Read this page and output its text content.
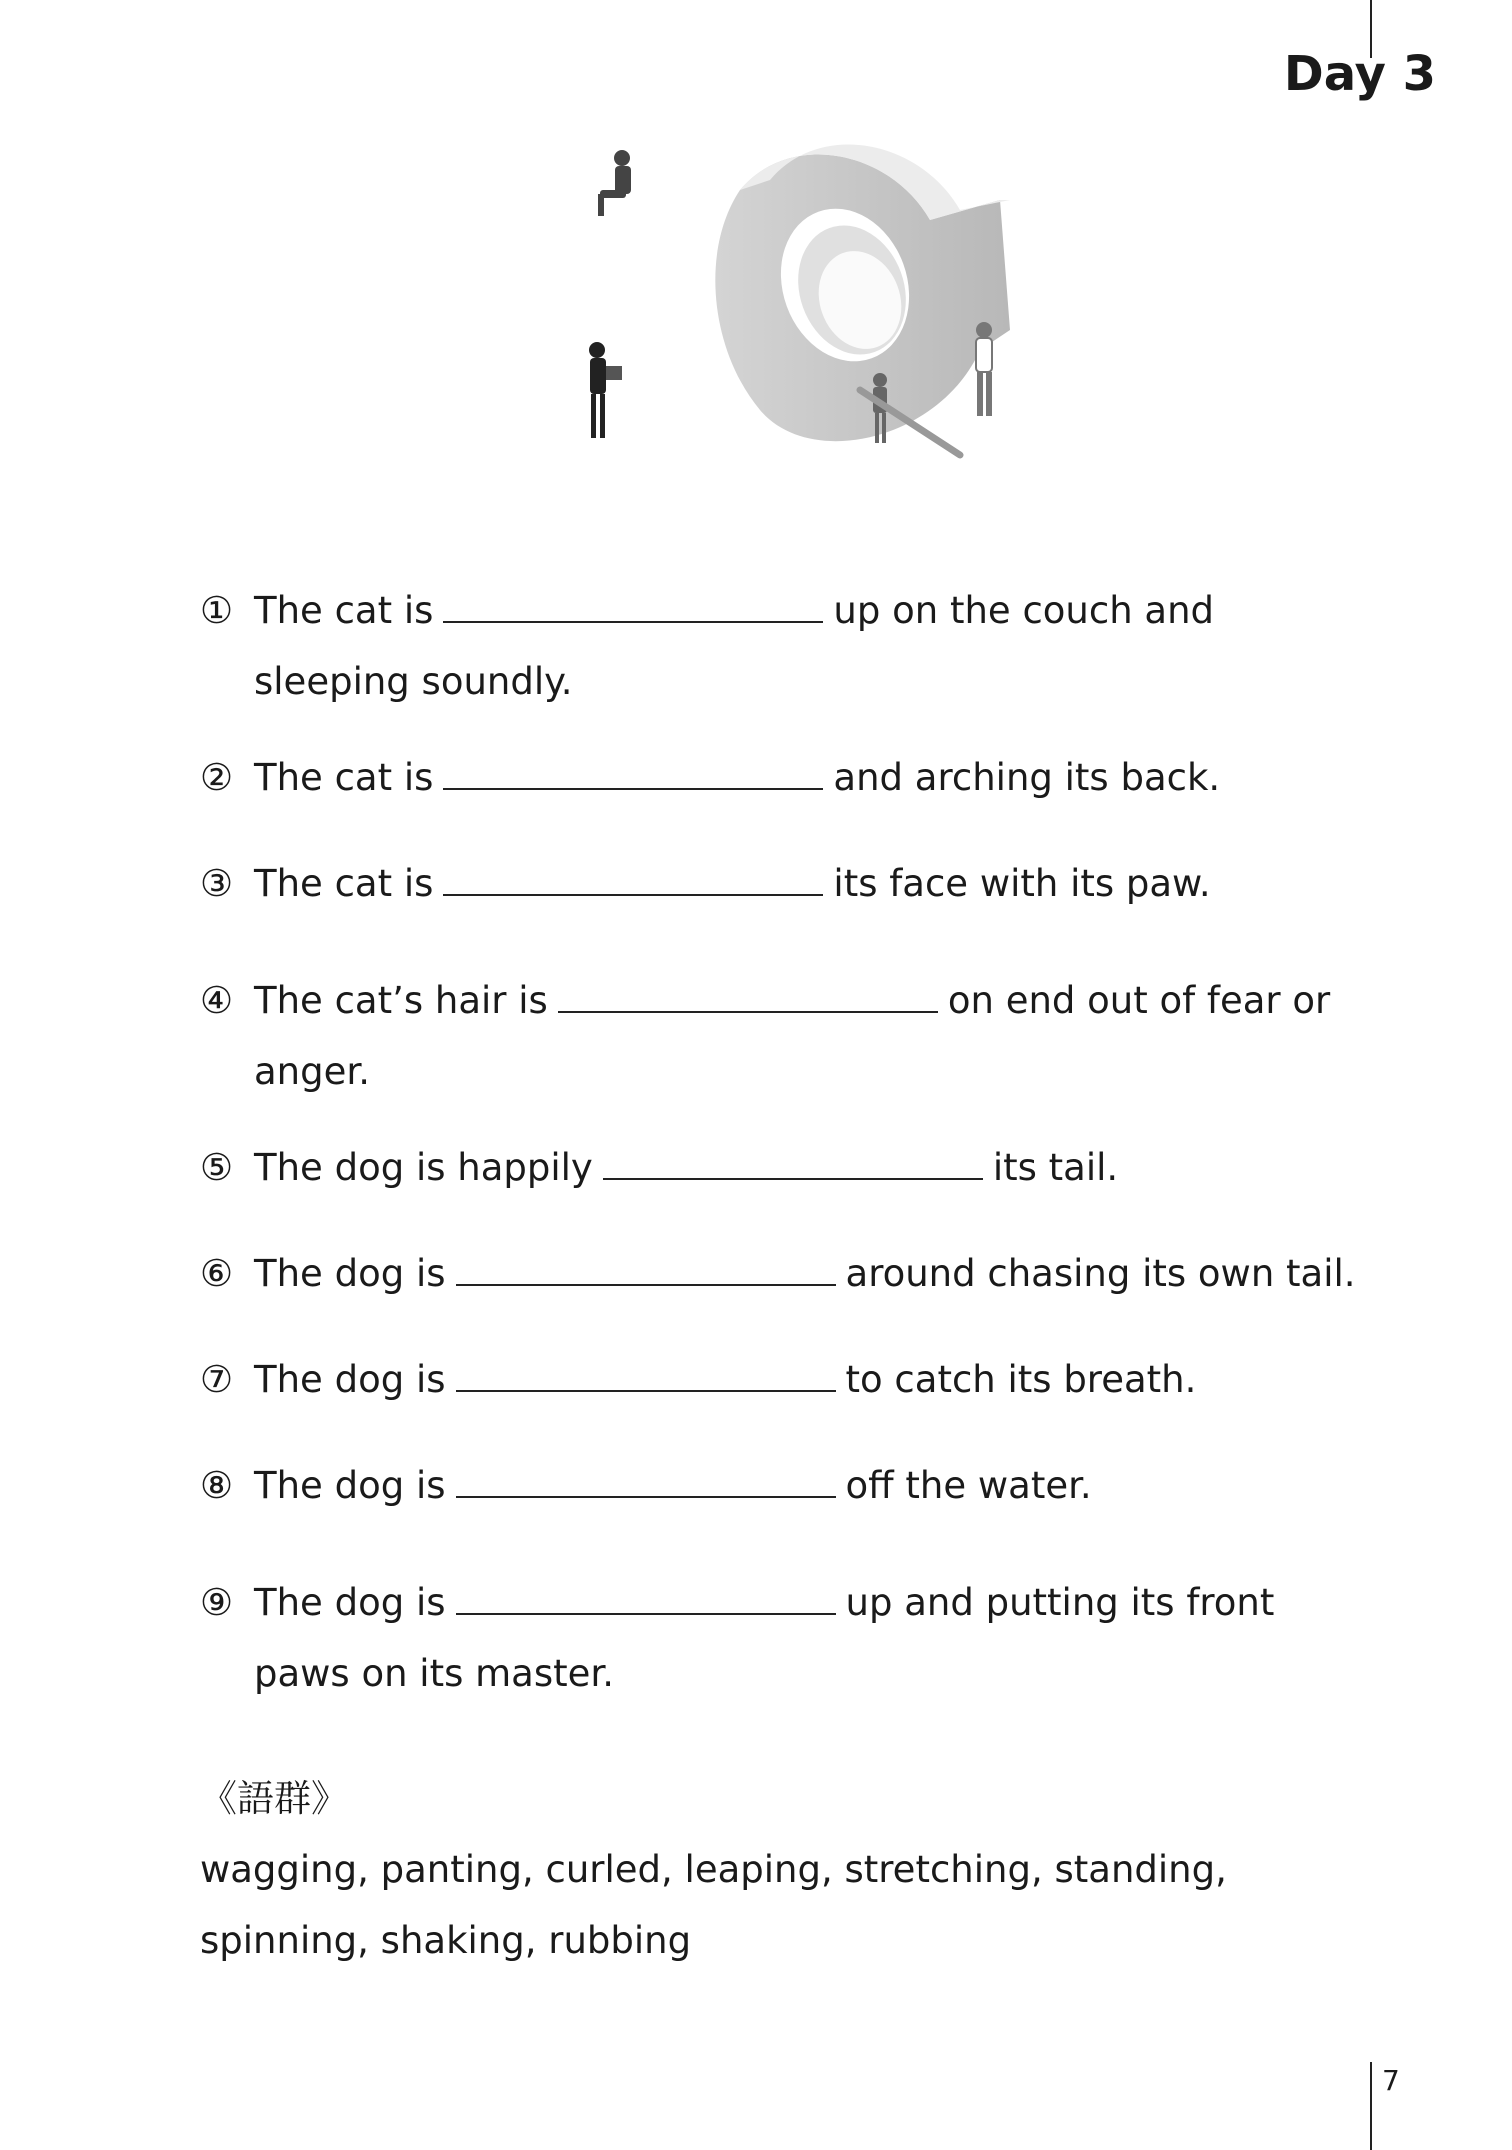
Day 3
① The cat is	up on the couch and sleeping soundly.
② The cat is	and arching its back.
③ The cat is	its face with its paw.
④ The cat’s hair is	on end out of fear or anger.
⑤ The dog is happily	its tail.
⑥ The dog is	around chasing its own tail.
⑦ The dog is	to catch its breath.
⑧ The dog is	off the water.
⑨ The dog is	up and putting its front paws on its master.
《語群》
wagging, panting, curled, leaping, stretching, standing, spinning, shaking, rubbing
7
